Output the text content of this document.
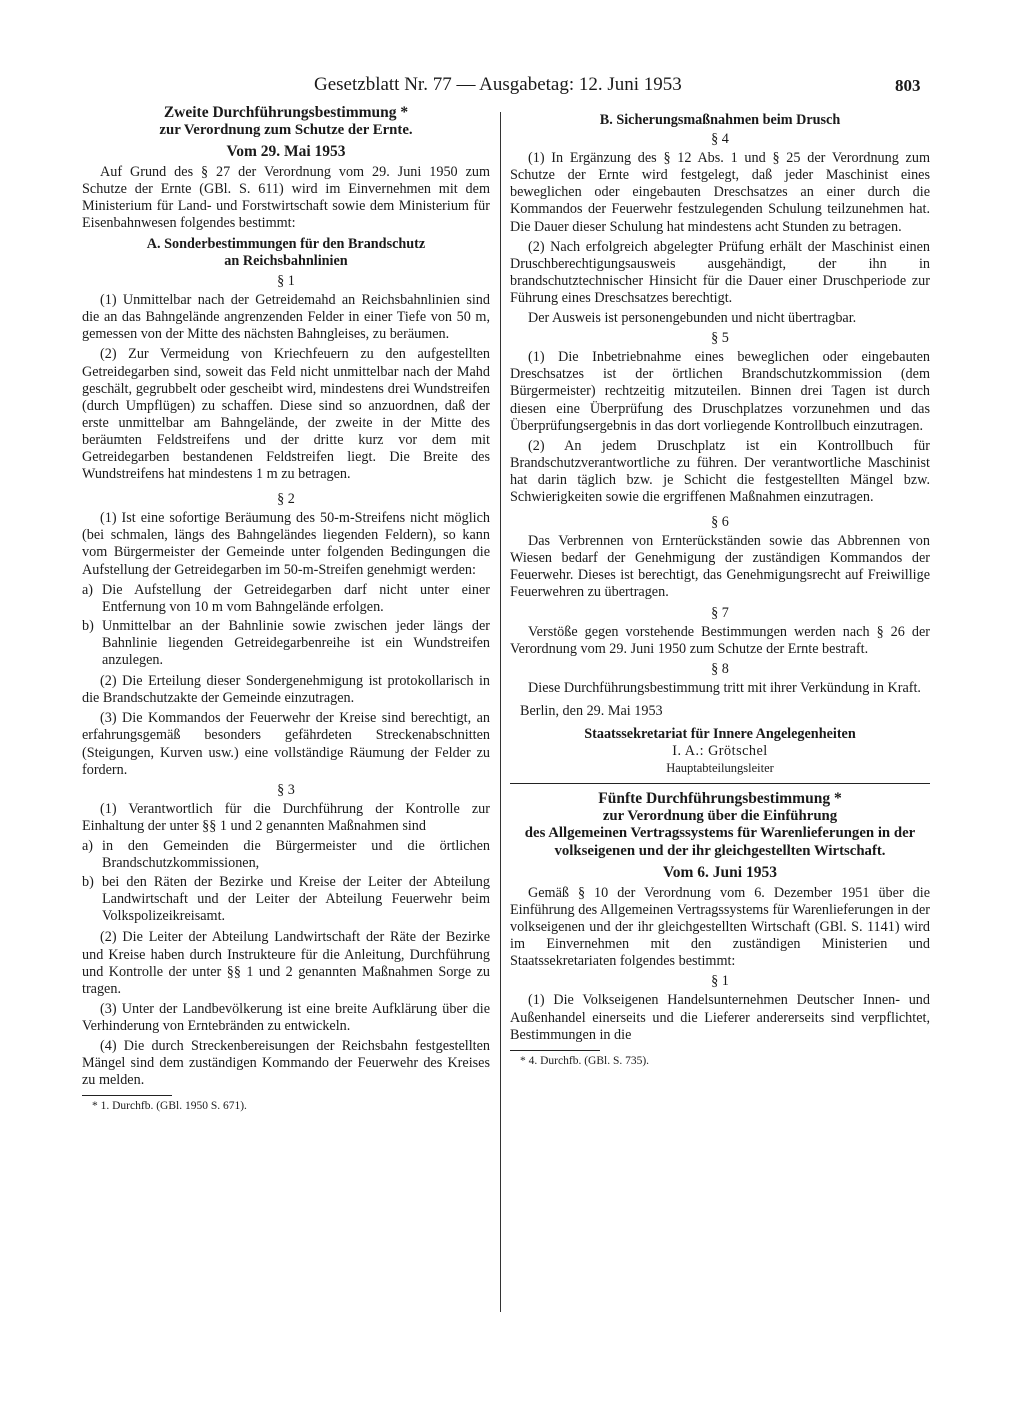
Gesetzblatt Nr. 77 — Ausgabetag: 12. Juni 1953	803

Zweite Durchführungsbestimmung *

zur Verordnung zum Schutze der Ernte.

Vom 29. Mai 1953

Auf Grund des § 27 der Verordnung vom 29. Juni 1950 zum Schutze der Ernte (GBl. S. 611) wird im Einvernehmen mit dem Ministerium für Land- und Forstwirtschaft sowie dem Ministerium für Eisenbahnwesen folgendes bestimmt:

A. Sonderbestimmungen für den Brandschutz

an Reichsbahnlinien

§ 1

(1) Unmittelbar nach der Getreidemahd an Reichsbahnlinien sind die an das Bahngelände angrenzenden Felder in einer Tiefe von 50 m, gemessen von der Mitte des nächsten Bahngleises, zu beräumen.

(2) Zur Vermeidung von Kriechfeuern zu den aufgestellten Getreidegarben sind, soweit das Feld nicht unmittelbar nach der Mahd geschält, gegrubbelt oder gescheibt wird, mindestens drei Wundstreifen (durch Umpflügen) zu schaffen. Diese sind so anzuordnen, daß der erste unmittelbar am Bahngelände, der zweite in der Mitte des beräumten Feldstreifens und der dritte kurz vor dem mit Getreidegarben bestandenen Feldstreifen liegt. Die Breite des Wundstreifens hat mindestens 1 m zu betragen.

§ 2

(1) Ist eine sofortige Beräumung des 50-m-Streifens nicht möglich (bei schmalen, längs des Bahngeländes liegenden Feldern), so kann vom Bürgermeister der Gemeinde unter folgenden Bedingungen die Aufstellung der Getreidegarben im 50-m-Streifen genehmigt werden:

a) Die Aufstellung der Getreidegarben darf nicht unter einer Entfernung von 10 m vom Bahngelände erfolgen.
b) Unmittelbar an der Bahnlinie sowie zwischen jeder längs der Bahnlinie liegenden Getreidegarbenreihe ist ein Wundstreifen anzulegen.

(2) Die Erteilung dieser Sondergenehmigung ist protokollarisch in die Brandschutzakte der Gemeinde einzutragen.

(3) Die Kommandos der Feuerwehr der Kreise sind berechtigt, an erfahrungsgemäß besonders gefährdeten Streckenabschnitten (Steigungen, Kurven usw.) eine vollständige Räumung der Felder zu fordern.

§ 3

(1) Verantwortlich für die Durchführung der Kontrolle zur Einhaltung der unter §§ 1 und 2 genannten Maßnahmen sind

a) in den Gemeinden die Bürgermeister und die örtlichen Brandschutzkommissionen,
b) bei den Räten der Bezirke und Kreise der Leiter der Abteilung Landwirtschaft und der Leiter der Abteilung Feuerwehr beim Volkspolizeikreisamt.

(2) Die Leiter der Abteilung Landwirtschaft der Räte der Bezirke und Kreise haben durch Instrukteure für die Anleitung, Durchführung und Kontrolle der unter §§ 1 und 2 genannten Maßnahmen Sorge zu tragen.

(3) Unter der Landbevölkerung ist eine breite Aufklärung über die Verhinderung von Erntebränden zu entwickeln.

(4) Die durch Streckenbereisungen der Reichsbahn festgestellten Mängel sind dem zuständigen Kommando der Feuerwehr des Kreises zu melden.

* 1. Durchfb. (GBl. 1950 S. 671).

B. Sicherungsmaßnahmen beim Drusch

§ 4

(1) In Ergänzung des § 12 Abs. 1 und § 25 der Verordnung zum Schutze der Ernte wird festgelegt, daß jeder Maschinist eines beweglichen oder eingebauten Dreschsatzes an einer durch die Kommandos der Feuerwehr festzulegenden Schulung teilzunehmen hat. Die Dauer dieser Schulung hat mindestens acht Stunden zu betragen.

(2) Nach erfolgreich abgelegter Prüfung erhält der Maschinist einen Druschberechtigungsausweis ausgehändigt, der ihn in brandschutztechnischer Hinsicht für die Dauer einer Druschperiode zur Führung eines Dreschsatzes berechtigt.

Der Ausweis ist personengebunden und nicht übertragbar.

§ 5

(1) Die Inbetriebnahme eines beweglichen oder eingebauten Dreschsatzes ist der örtlichen Brandschutzkommission (dem Bürgermeister) rechtzeitig mitzuteilen. Binnen drei Tagen ist durch diesen eine Überprüfung des Druschplatzes vorzunehmen und das Überprüfungsergebnis in das dort vorliegende Kontrollbuch einzutragen.

(2) An jedem Druschplatz ist ein Kontrollbuch für Brandschutzverantwortliche zu führen. Der verantwortliche Maschinist hat darin täglich bzw. je Schicht die festgestellten Mängel bzw. Schwierigkeiten sowie die ergriffenen Maßnahmen einzutragen.

§ 6

Das Verbrennen von Ernterückständen sowie das Abbrennen von Wiesen bedarf der Genehmigung der zuständigen Kommandos der Feuerwehr. Dieses ist berechtigt, das Genehmigungsrecht auf Freiwillige Feuerwehren zu übertragen.

§ 7

Verstöße gegen vorstehende Bestimmungen werden nach § 26 der Verordnung vom 29. Juni 1950 zum Schutze der Ernte bestraft.

§ 8

Diese Durchführungsbestimmung tritt mit ihrer Verkündung in Kraft.

Berlin, den 29. Mai 1953

Staatssekretariat für Innere Angelegenheiten

I. A.: Grötschel

Hauptabteilungsleiter

Fünfte Durchführungsbestimmung *

zur Verordnung über die Einführung

des Allgemeinen Vertragssystems für Warenlieferungen in der volkseigenen und der ihr gleichgestellten Wirtschaft.

Vom 6. Juni 1953

Gemäß § 10 der Verordnung vom 6. Dezember 1951 über die Einführung des Allgemeinen Vertragssystems für Warenlieferungen in der volkseigenen und der ihr gleichgestellten Wirtschaft (GBl. S. 1141) wird im Einvernehmen mit den zuständigen Ministerien und Staatssekretariaten folgendes bestimmt:

§ 1

(1) Die Volkseigenen Handelsunternehmen Deutscher Innen- und Außenhandel einerseits und die Lieferer andererseits sind verpflichtet, Bestimmungen in die

* 4. Durchfb. (GBl. S. 735).
